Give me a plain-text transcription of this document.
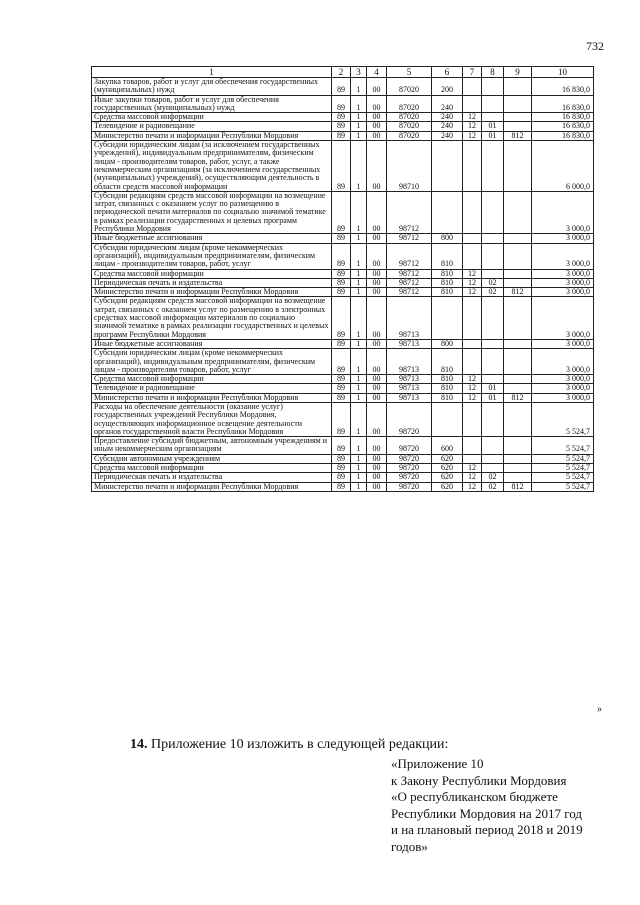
732
1	2	3	4	5	6	7	8	9	10
Закупка товаров, работ и услуг для обеспечения государственных (муниципальных) нужд	89	1	00	87020	200				16 830,0
Иные закупки товаров, работ и услуг для обеспечения государственных (муниципальных) нужд	89	1	00	87020	240				16 830,0
Средства массовой информации	89	1	00	87020	240	12			16 830,0
Телевидение и радиовещание	89	1	00	87020	240	12	01		16 830,0
Министерство печати и информации Республики Мордовия	89	1	00	87020	240	12	01	812	16 830,0
Субсидии юридическим лицам (за исключением государственных учреждений), индивидуальным предпринимателям, физическим лицам - производителям товаров, работ, услуг, а также некоммерческим организациям (за исключением государственных (муниципальных) учреждений), осуществляющим деятельность в области средств массовой информации	89	1	00	98710					6 000,0
Субсидии редакциям средств массовой информации на возмещение затрат, связанных с оказанием услуг по размещению в периодической печати материалов по социально значимой тематике в рамках реализации государственных и целевых программ Республики Мордовия	89	1	00	98712					3 000,0
Иные бюджетные ассигнования	89	1	00	98712	800				3 000,0
Субсидии юридическим лицам (кроме некоммерческих организаций), индивидуальным предпринимателям, физическим лицам - производителям товаров, работ, услуг	89	1	00	98712	810				3 000,0
Средства массовой информации	89	1	00	98712	810	12			3 000,0
Периодическая печать и издательства	89	1	00	98712	810	12	02		3 000,0
Министерство печати и информации Республики Мордовия	89	1	00	98712	810	12	02	812	3 000,0
Субсидии редакциям средств массовой информации на возмещение затрат, связанных с оказанием услуг по размещению в электронных средствах массовой информации материалов по социально значимой тематике в рамках реализации государственных и целевых программ Республики Мордовия	89	1	00	98713					3 000,0
Иные бюджетные ассигнования	89	1	00	98713	800				3 000,0
Субсидии юридическим лицам (кроме некоммерческих организаций), индивидуальным предпринимателям, физическим лицам - производителям товаров, работ, услуг	89	1	00	98713	810				3 000,0
Средства массовой информации	89	1	00	98713	810	12			3 000,0
Телевидение и радиовещание	89	1	00	98713	810	12	01		3 000,0
Министерство печати и информации Республики Мордовия	89	1	00	98713	810	12	01	812	3 000,0
Расходы на обеспечение деятельности (оказание услуг) государственных учреждений Республики Мордовия, осуществляющих информационное освещение деятельности органов государственной власти Республики Мордовия	89	1	00	98720					5 524,7
Предоставление субсидий бюджетным, автономным учреждениям и иным некоммерческим организациям	89	1	00	98720	600				5 524,7
Субсидии автономным учреждениям	89	1	00	98720	620				5 524,7
Средства массовой информации	89	1	00	98720	620	12			5 524,7
Периодическая печать и издательства	89	1	00	98720	620	12	02		5 524,7
Министерство печати и информации Республики Мордовия	89	1	00	98720	620	12	02	812	5 524,7
»
14. Приложение 10 изложить в следующей редакции:
«Приложение 10
к Закону Республики Мордовия
«О республиканском бюджете
Республики Мордовия на 2017 год
и на плановый период 2018 и 2019
годов»
